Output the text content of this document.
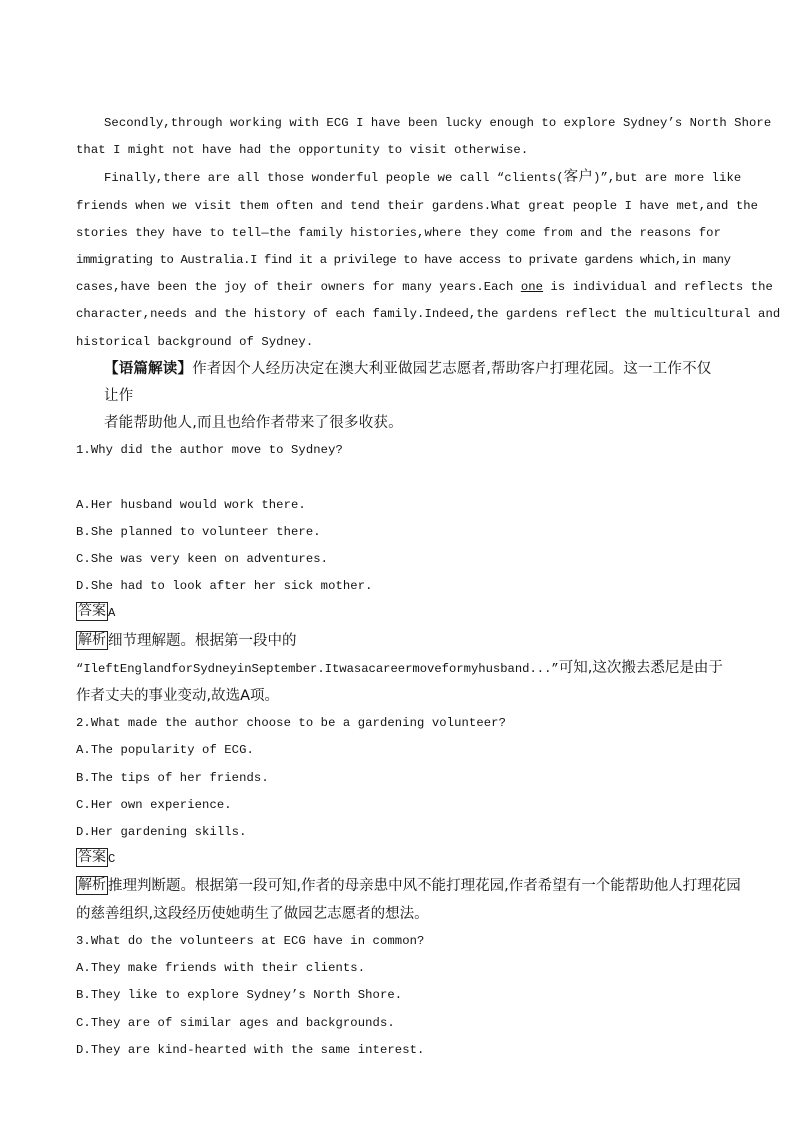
Secondly,through working with ECG I have been lucky enough to explore Sydney’s North Shore
that I might not have had the opportunity to visit otherwise.
Finally,there are all those wonderful people we call “clients(客户)”,but are more like
friends when we visit them often and tend their gardens.What great people I have met,and the
stories they have to tell—the family histories,where they come from and the reasons for
immigrating to Australia.I find it a privilege to have access to private gardens which,in many
cases,have been the joy of their owners for many years.Each one is individual and reflects the
character,needs and the history of each family.Indeed,the gardens reflect the multicultural and
historical background of Sydney.
【语篇解读】作者因个人经历决定在澳大利亚做园艺志愿者,帮助客户打理花园。这一工作不仅让作
者能帮助他人,而且也给作者带来了很多收获。
1.Why did the author move to Sydney?
A.Her husband would work there.
B.She planned to volunteer there.
C.She was very keen on adventures.
D.She had to look after her sick mother.
答案 A
解析 细节理解题。根据第一段中的
“IleftEnglandforSydneyinSeptember.Itwasacareermoveformyhusband...”可知,这次搬去悉尼是由于
作者丈夫的事业变动,故选A项。
2.What made the author choose to be a gardening volunteer?
A.The popularity of ECG.
B.The tips of her friends.
C.Her own experience.
D.Her gardening skills.
答案 C
解析 推理判断题。根据第一段可知,作者的母亲患中风不能打理花园,作者希望有一个能帮助他人打理花园
的慈善组织,这段经历使她萌生了做园艺志愿者的想法。
3.What do the volunteers at ECG have in common?
A.They make friends with their clients.
B.They like to explore Sydney’s North Shore.
C.They are of similar ages and backgrounds.
D.They are kind-hearted with the same interest.
